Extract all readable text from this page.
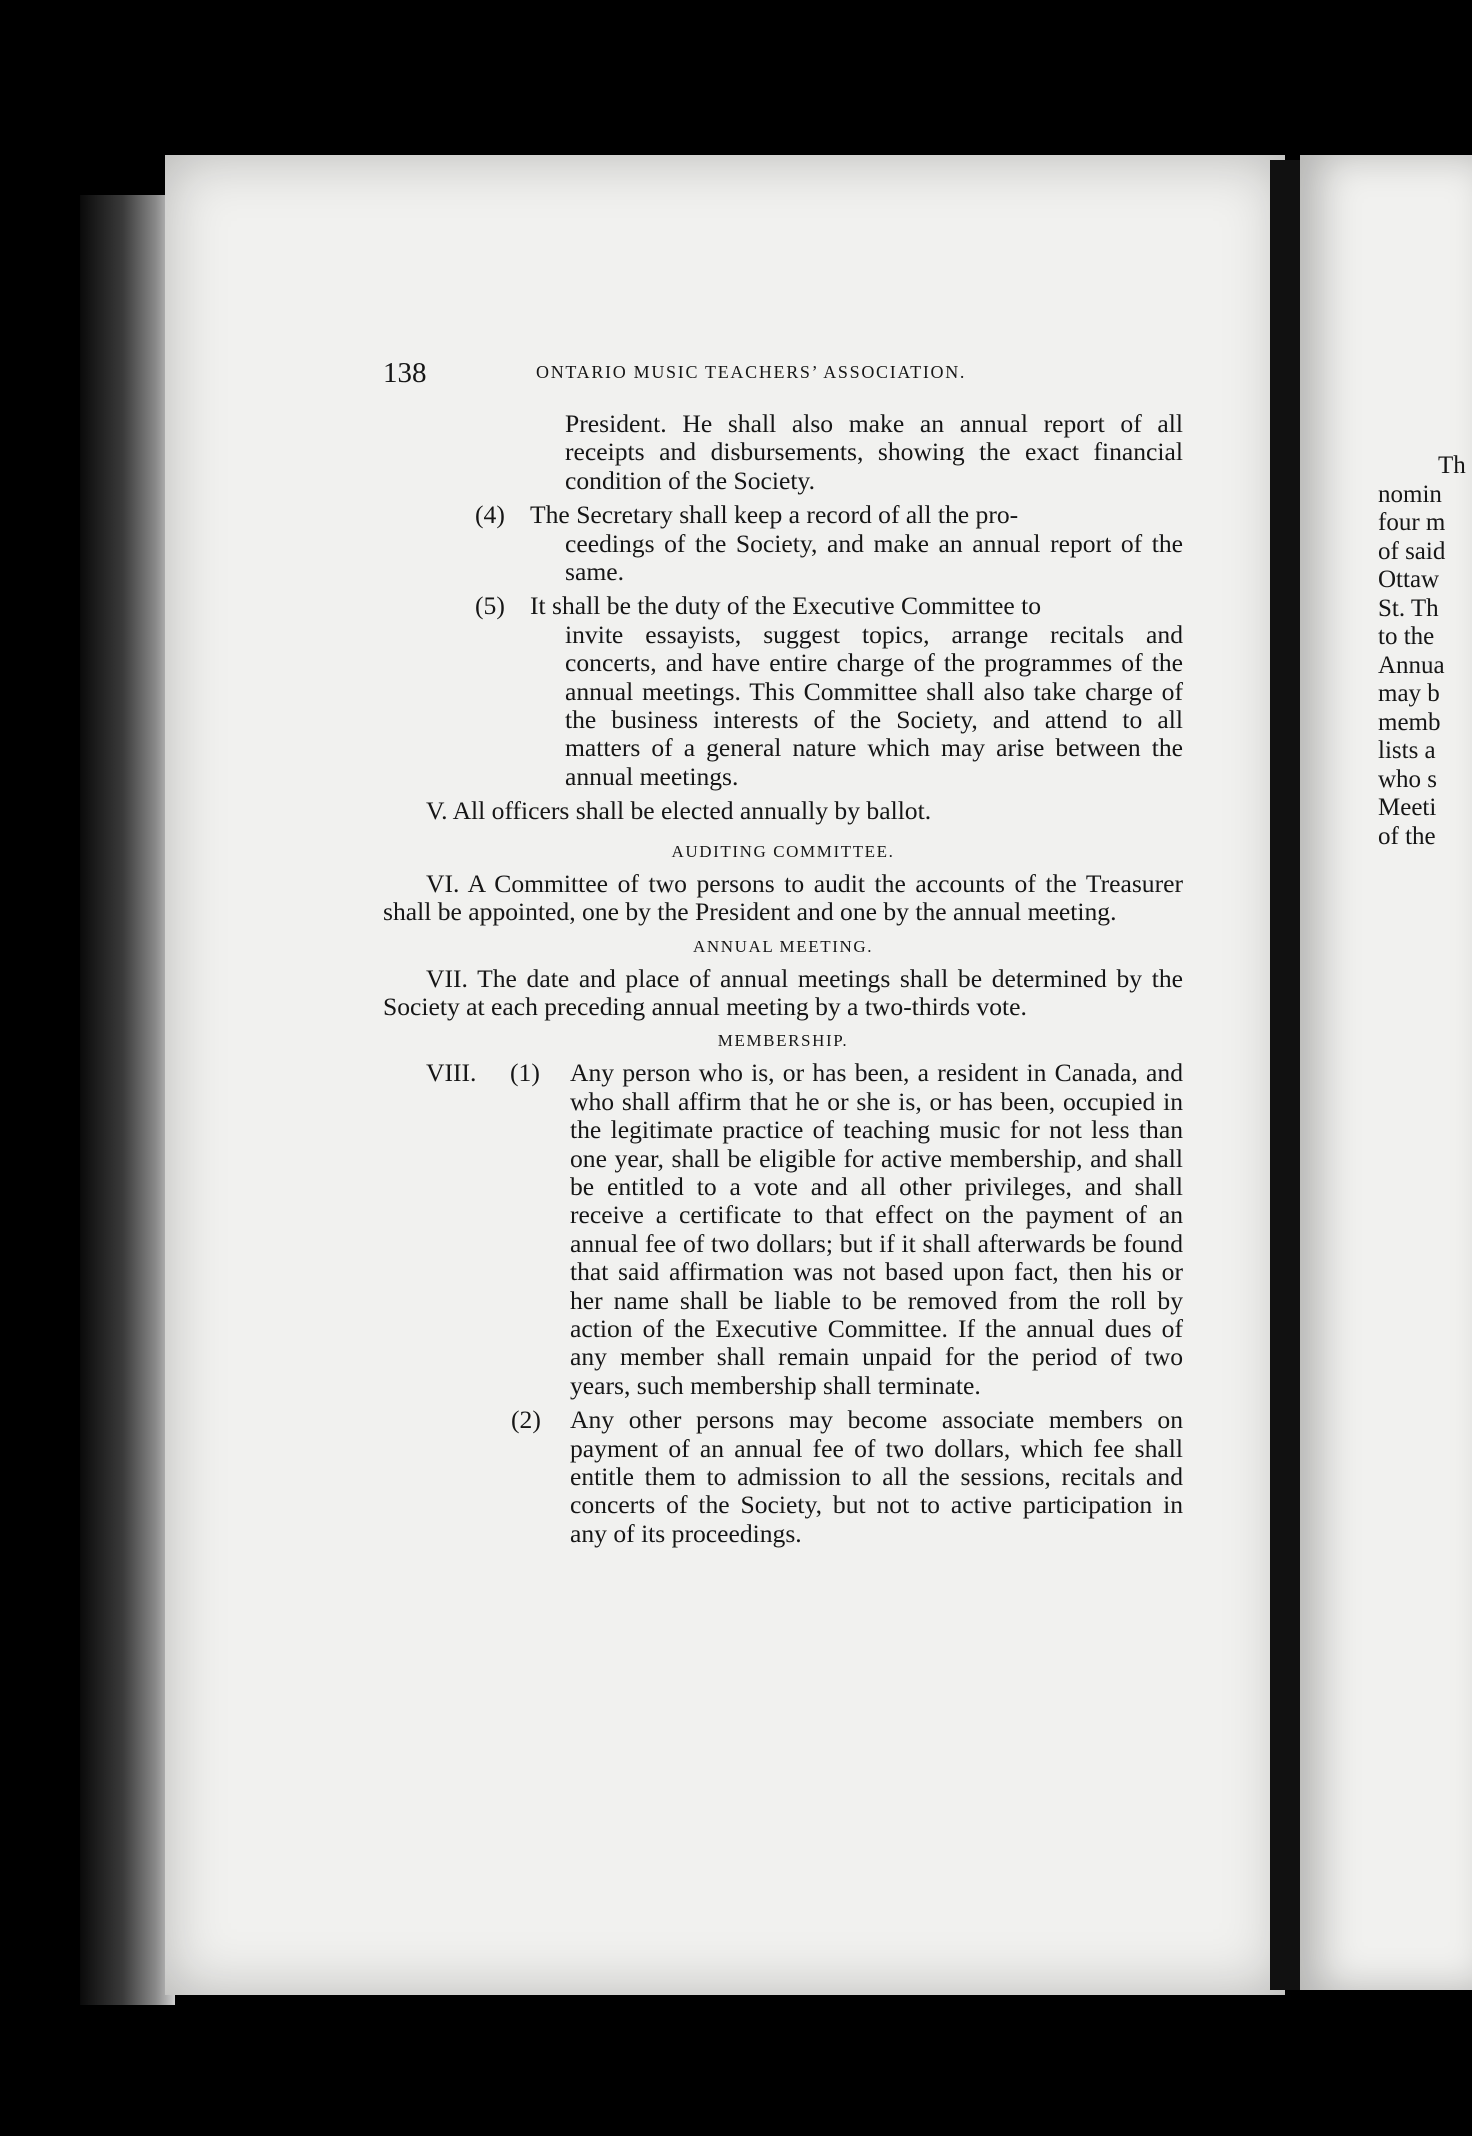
138	ONTARIO MUSIC TEACHERS’ ASSOCIATION.

President. He shall also make an annual report of all receipts and disbursements, showing the exact financial condition of the Society.

(4) The Secretary shall keep a record of all the pro-
ceedings of the Society, and make an annual report of the same.
(5) It shall be the duty of the Executive Committee to
invite essayists, suggest topics, arrange recitals and concerts, and have entire charge of the programmes of the annual meetings. This Committee shall also take charge of the business interests of the Society, and attend to all matters of a general nature which may arise between the annual meetings.

V. All officers shall be elected annually by ballot.

AUDITING COMMITTEE.

VI. A Committee of two persons to audit the accounts of the Treasurer shall be appointed, one by the President and one by the annual meeting.

ANNUAL MEETING.

VII. The date and place of annual meetings shall be determined by the Society at each preceding annual meeting by a two-thirds vote.

MEMBERSHIP.
VIII. (1) Any person who is, or has been, a resident in Canada, and who shall affirm that he or she is, or has been, occupied in the legitimate practice of teaching music for not less than one year, shall be eligible for active membership, and shall be entitled to a vote and all other privileges, and shall receive a certificate to that effect on the payment of an annual fee of two dollars; but if it shall afterwards be found that said affirmation was not based upon fact, then his or her name shall be liable to be removed from the roll by action of the Executive Committee. If the annual dues of any member shall remain unpaid for the period of two years, such membership shall terminate.
(2) Any other persons may become associate members on payment of an annual fee of two dollars, which fee shall entitle them to admission to all the sessions, recitals and concerts of the Society, but not to active participation in any of its proceedings.
Th
nomin
four m
of said
Ottaw
St. Th
to the
Annua
may b
memb
lists a
who s
Meeti
of the
